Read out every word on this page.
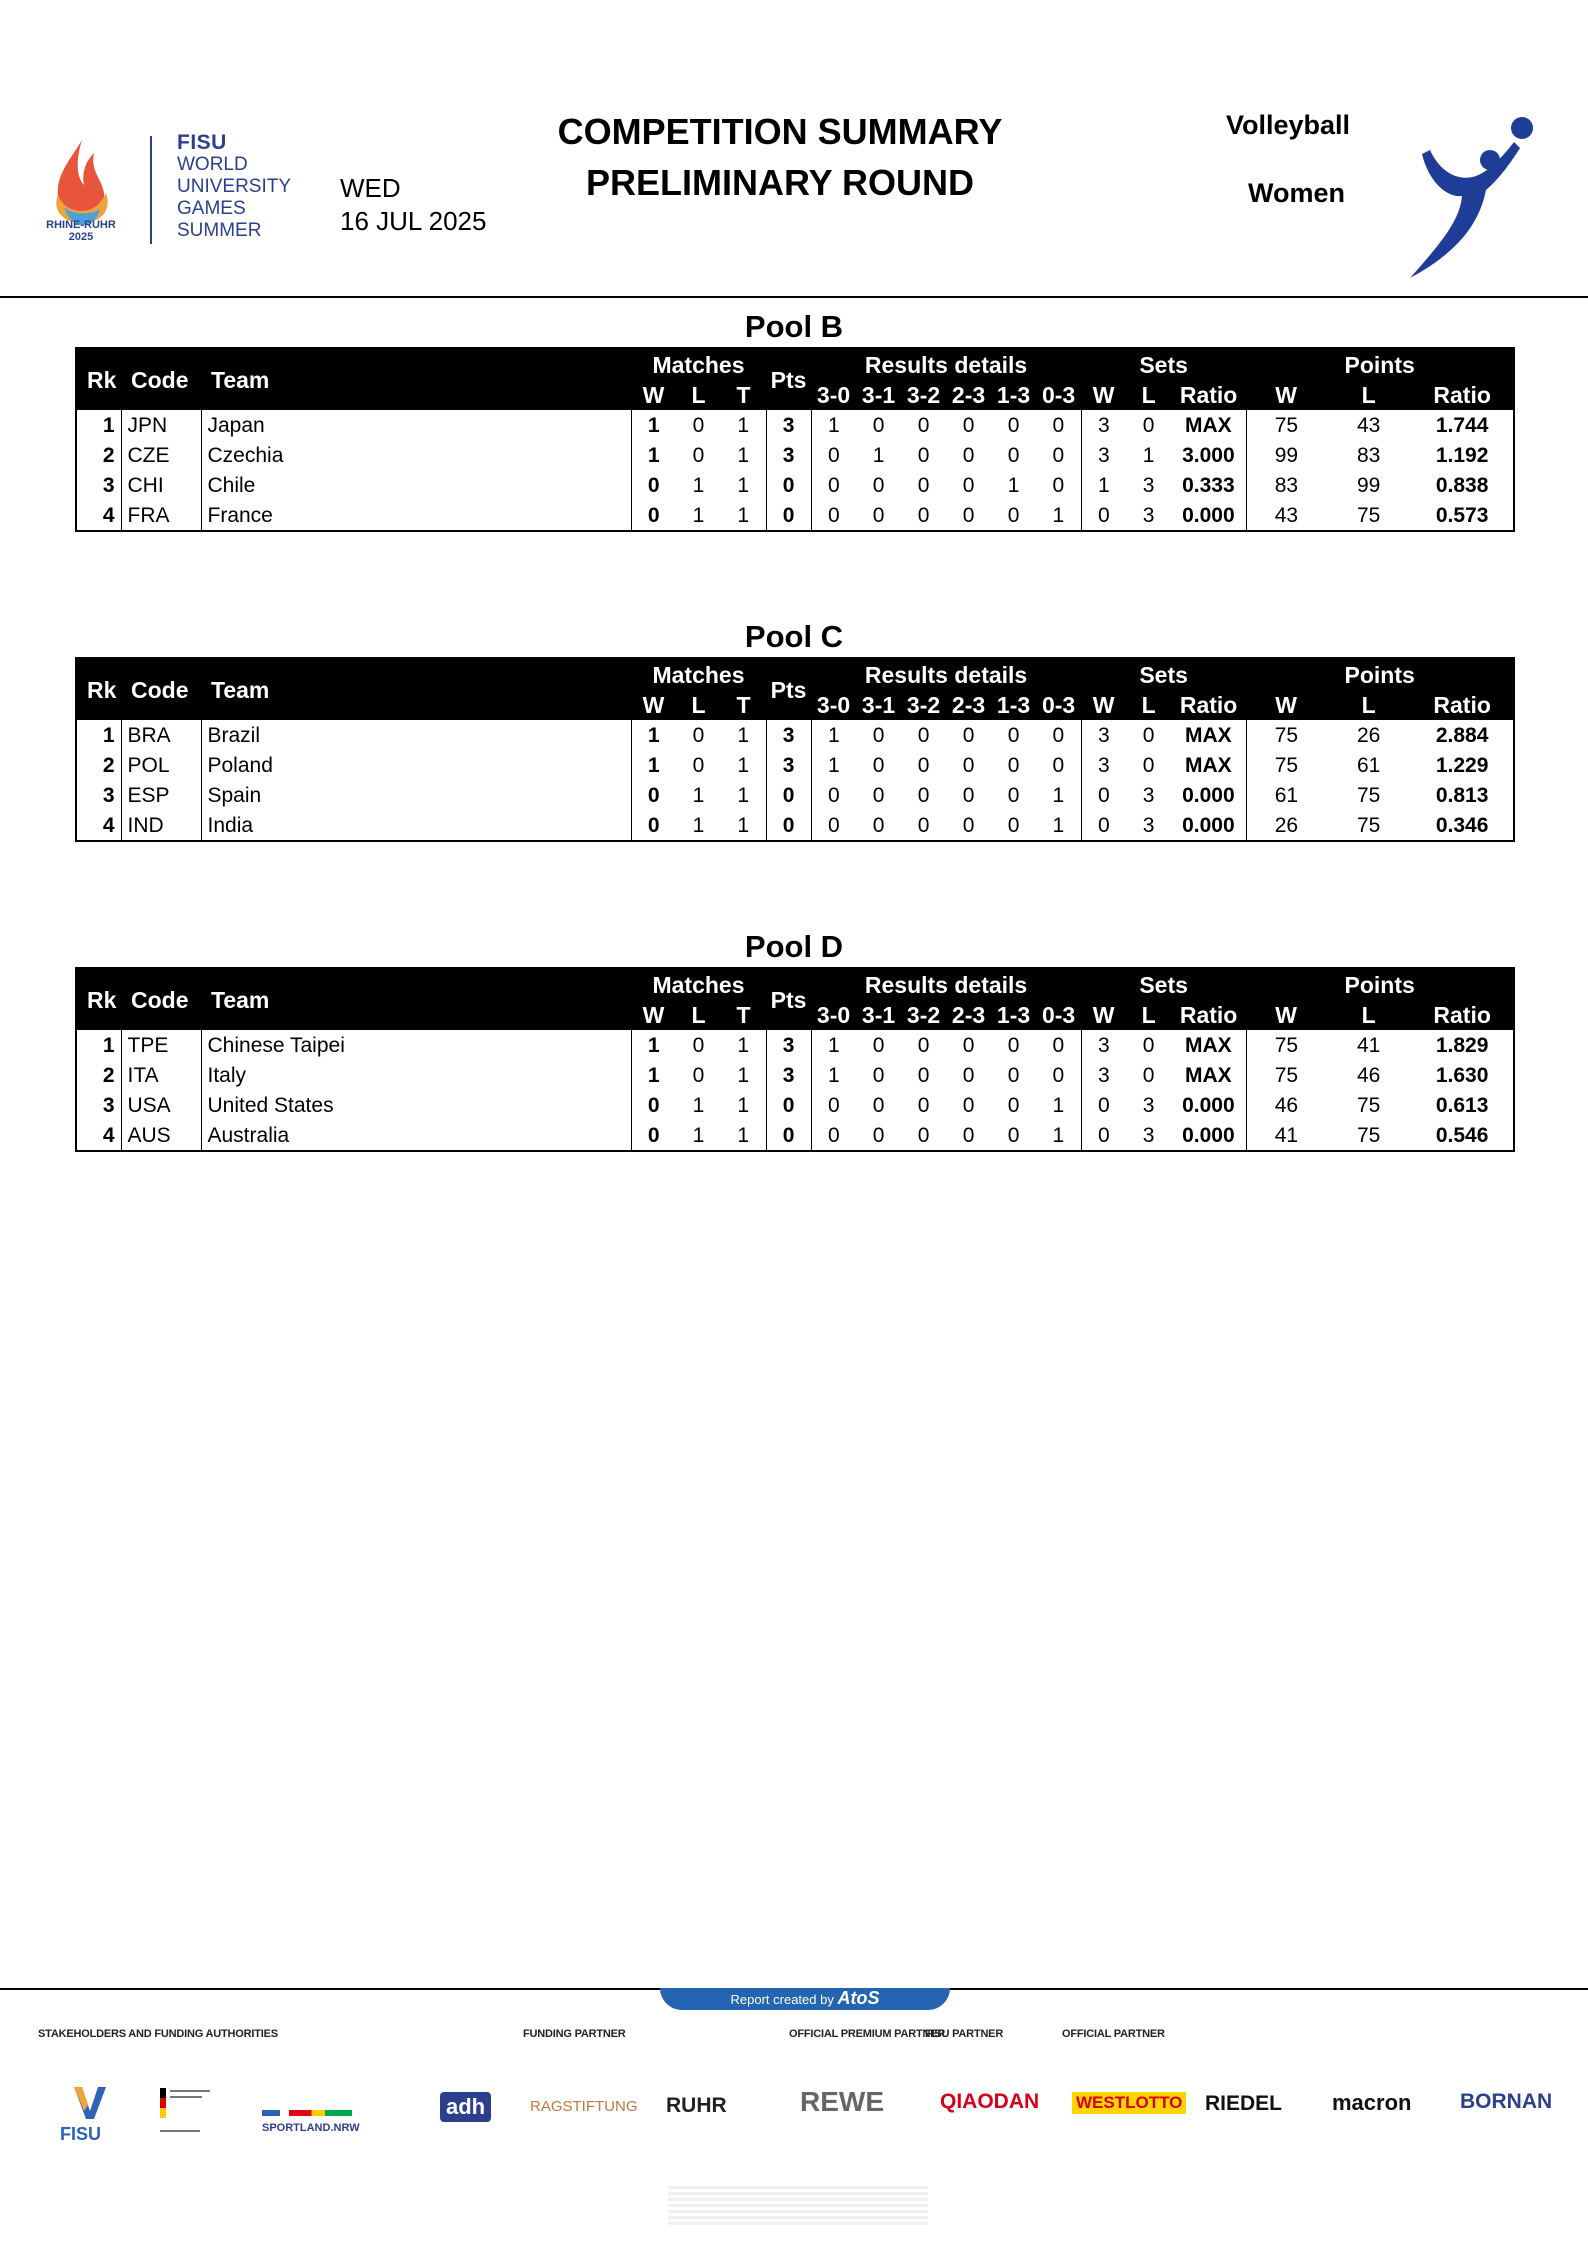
RHINE-RUHR
2025
FISU
WORLD
UNIVERSITY
GAMES
SUMMER
WED
16 JUL 2025
COMPETITION SUMMARY
PRELIMINARY ROUND
Volleyball
Women
Pool B
Rk	Code	Team	Matches			Pts	Results details						Sets			Points		
			W	L	T		3-0	3-1	3-2	2-3	1-3	0-3	W	L	Ratio	W	L	Ratio
1	JPN	Japan	1	0	1	3	1	0	0	0	0	0	3	0	MAX	75	43	1.744
2	CZE	Czechia	1	0	1	3	0	1	0	0	0	0	3	1	3.000	99	83	1.192
3	CHI	Chile	0	1	1	0	0	0	0	0	1	0	1	3	0.333	83	99	0.838
4	FRA	France	0	1	1	0	0	0	0	0	0	1	0	3	0.000	43	75	0.573
Pool C
Rk	Code	Team	Matches			Pts	Results details						Sets			Points		
			W	L	T		3-0	3-1	3-2	2-3	1-3	0-3	W	L	Ratio	W	L	Ratio
1	BRA	Brazil	1	0	1	3	1	0	0	0	0	0	3	0	MAX	75	26	2.884
2	POL	Poland	1	0	1	3	1	0	0	0	0	0	3	0	MAX	75	61	1.229
3	ESP	Spain	0	1	1	0	0	0	0	0	0	1	0	3	0.000	61	75	0.813
4	IND	India	0	1	1	0	0	0	0	0	0	1	0	3	0.000	26	75	0.346
Pool D
Rk	Code	Team	Matches			Pts	Results details						Sets			Points		
			W	L	T		3-0	3-1	3-2	2-3	1-3	0-3	W	L	Ratio	W	L	Ratio
1	TPE	Chinese Taipei	1	0	1	3	1	0	0	0	0	0	3	0	MAX	75	41	1.829
2	ITA	Italy	1	0	1	3	1	0	0	0	0	0	3	0	MAX	75	46	1.630
3	USA	United States	0	1	1	0	0	0	0	0	0	1	0	3	0.000	46	75	0.613
4	AUS	Australia	0	1	1	0	0	0	0	0	0	1	0	3	0.000	41	75	0.546
Report created by AtoS
STAKEHOLDERS AND FUNDING AUTHORITIES	FUNDING PARTNER	OFFICIAL PREMIUM PARTNER
FISU PARTNER	OFFICIAL PARTNER
FISU	SPORTLAND.NRW
adh	RAGSTIFTUNG RUHR	REWE	QIAODAN WESTLOTTO RIEDEL macron BORNAN
